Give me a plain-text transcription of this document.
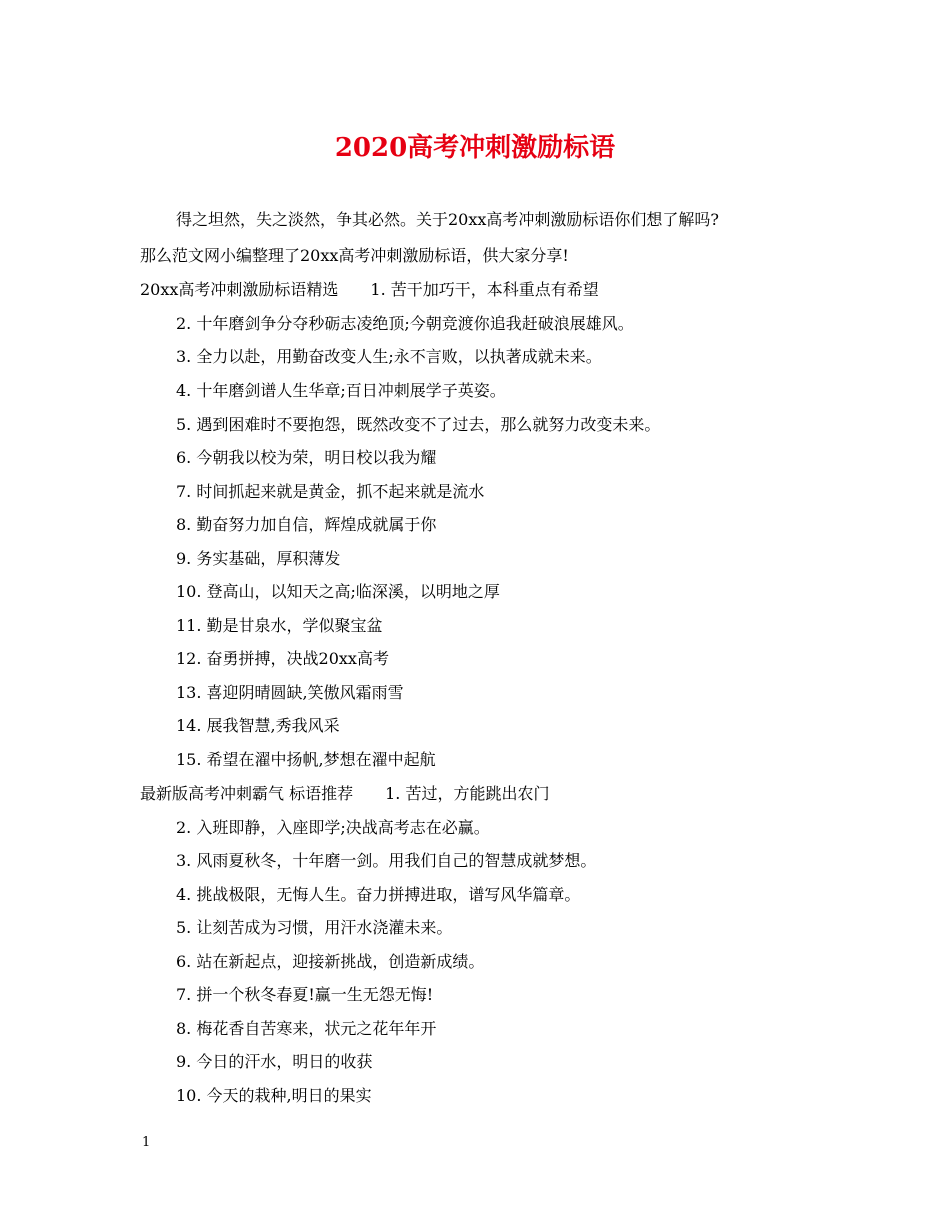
2020高考冲刺激励标语
得之坦然，失之淡然，争其必然。关于20xx高考冲刺激励标语你们想了解吗?
那么范文网小编整理了20xx高考冲刺激励标语，供大家分享!
20xx高考冲刺激励标语精选 1. 苦干加巧干，本科重点有希望
2. 十年磨剑争分夺秒砺志凌绝顶;今朝竞渡你追我赶破浪展雄风。
3. 全力以赴，用勤奋改变人生;永不言败，以执著成就未来。
4. 十年磨剑谱人生华章;百日冲刺展学子英姿。
5. 遇到困难时不要抱怨，既然改变不了过去，那么就努力改变未来。
6. 今朝我以校为荣，明日校以我为耀
7. 时间抓起来就是黄金，抓不起来就是流水
8. 勤奋努力加自信，辉煌成就属于你
9. 务实基础，厚积薄发
10. 登高山，以知天之高;临深溪，以明地之厚
11. 勤是甘泉水，学似聚宝盆
12. 奋勇拼搏，决战20xx高考
13. 喜迎阴晴圆缺,笑傲风霜雨雪
14. 展我智慧,秀我风采
15. 希望在濯中扬帆,梦想在濯中起航
最新版高考冲刺霸气 标语推荐 1. 苦过，方能跳出农门
2. 入班即静，入座即学;决战高考志在必赢。
3. 风雨夏秋冬，十年磨一剑。用我们自己的智慧成就梦想。
4. 挑战极限，无悔人生。奋力拼搏进取，谱写风华篇章。
5. 让刻苦成为习惯，用汗水浇灌未来。
6. 站在新起点，迎接新挑战，创造新成绩。
7. 拼一个秋冬春夏!赢一生无怨无悔!
8. 梅花香自苦寒来，状元之花年年开
9. 今日的汗水，明日的收获
10. 今天的栽种,明日的果实
1
